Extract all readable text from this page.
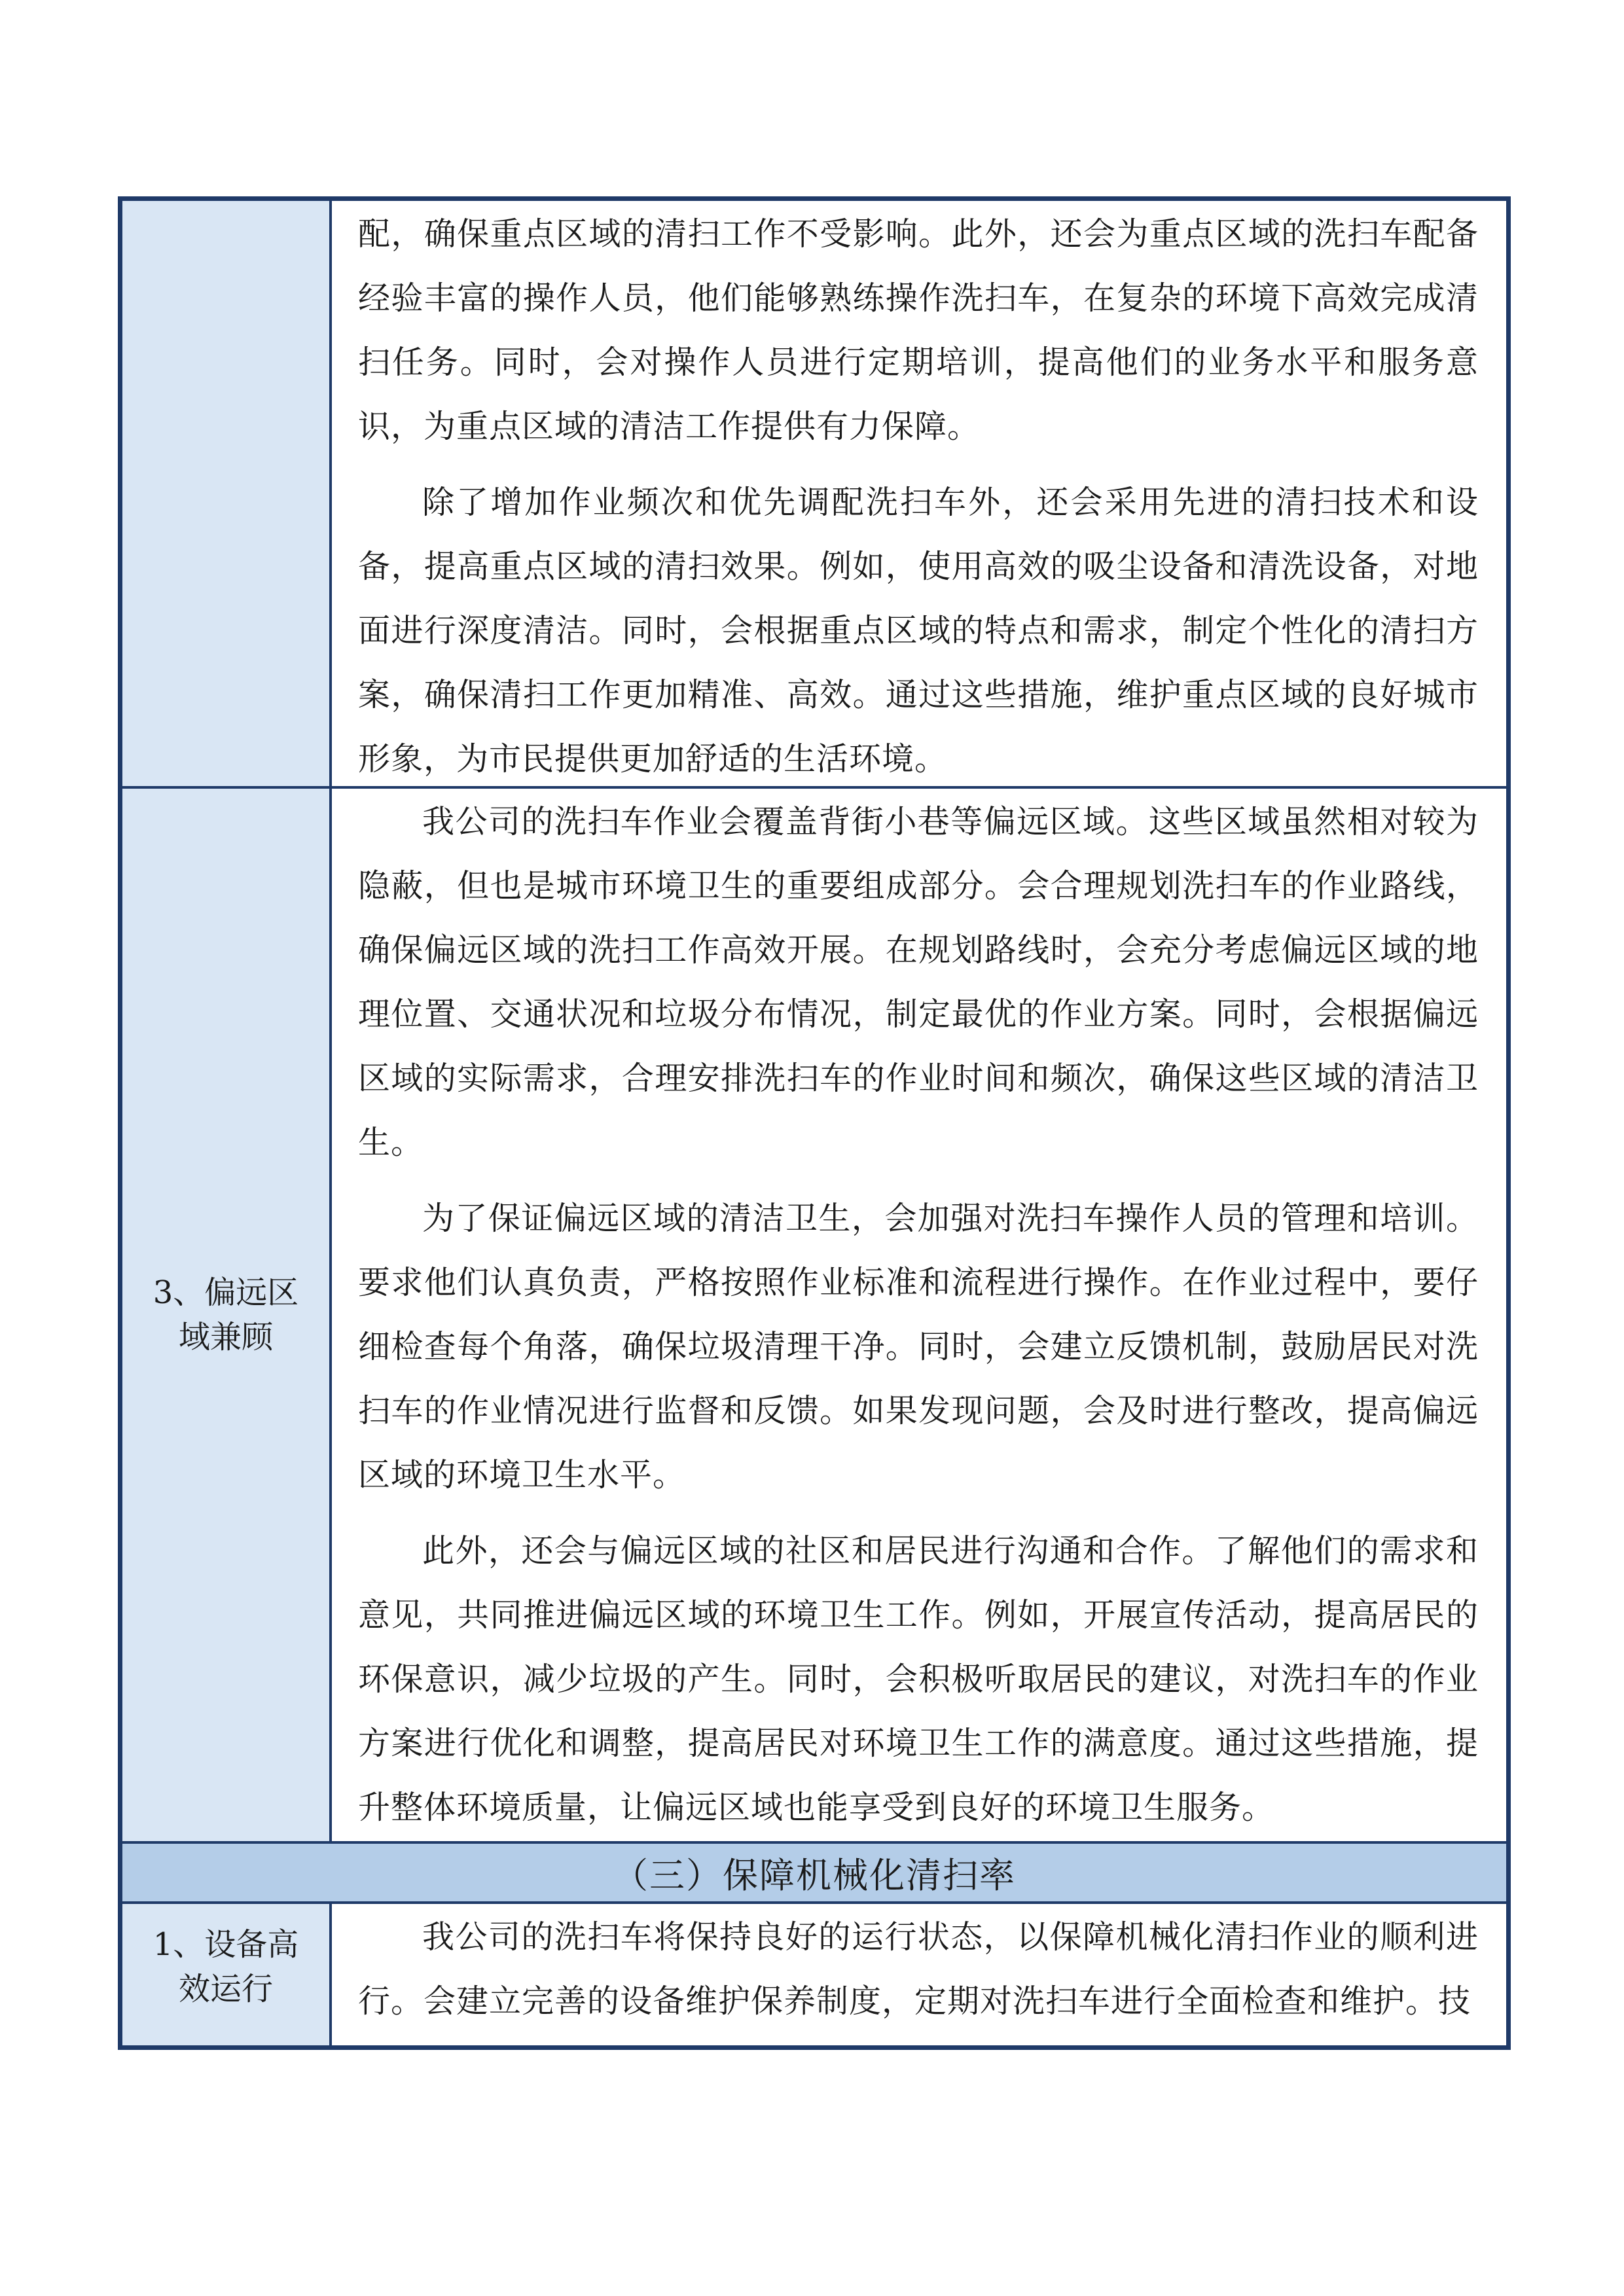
配，确保重点区域的清扫工作不受影响。此外，还会为重点区域的洗扫车配备经验丰富的操作人员，他们能够熟练操作洗扫车，在复杂的环境下高效完成清扫任务。同时，会对操作人员进行定期培训，提高他们的业务水平和服务意识，为重点区域的清洁工作提供有力保障。

除了增加作业频次和优先调配洗扫车外，还会采用先进的清扫技术和设备，提高重点区域的清扫效果。例如，使用高效的吸尘设备和清洗设备，对地面进行深度清洁。同时，会根据重点区域的特点和需求，制定个性化的清扫方案，确保清扫工作更加精准、高效。通过这些措施，维护重点区域的良好城市形象，为市民提供更加舒适的生活环境。

3、偏远区域兼顾

我公司的洗扫车作业会覆盖背街小巷等偏远区域。这些区域虽然相对较为隐蔽，但也是城市环境卫生的重要组成部分。会合理规划洗扫车的作业路线，确保偏远区域的洗扫工作高效开展。在规划路线时，会充分考虑偏远区域的地理位置、交通状况和垃圾分布情况，制定最优的作业方案。同时，会根据偏远区域的实际需求，合理安排洗扫车的作业时间和频次，确保这些区域的清洁卫生。

为了保证偏远区域的清洁卫生，会加强对洗扫车操作人员的管理和培训。要求他们认真负责，严格按照作业标准和流程进行操作。在作业过程中，要仔细检查每个角落，确保垃圾清理干净。同时，会建立反馈机制，鼓励居民对洗扫车的作业情况进行监督和反馈。如果发现问题，会及时进行整改，提高偏远区域的环境卫生水平。

此外，还会与偏远区域的社区和居民进行沟通和合作。了解他们的需求和意见，共同推进偏远区域的环境卫生工作。例如，开展宣传活动，提高居民的环保意识，减少垃圾的产生。同时，会积极听取居民的建议，对洗扫车的作业方案进行优化和调整，提高居民对环境卫生工作的满意度。通过这些措施，提升整体环境质量，让偏远区域也能享受到良好的环境卫生服务。

（三）保障机械化清扫率
1、设备高效运行

我公司的洗扫车将保持良好的运行状态，以保障机械化清扫作业的顺利进行。会建立完善的设备维护保养制度，定期对洗扫车进行全面检查和维护。技
